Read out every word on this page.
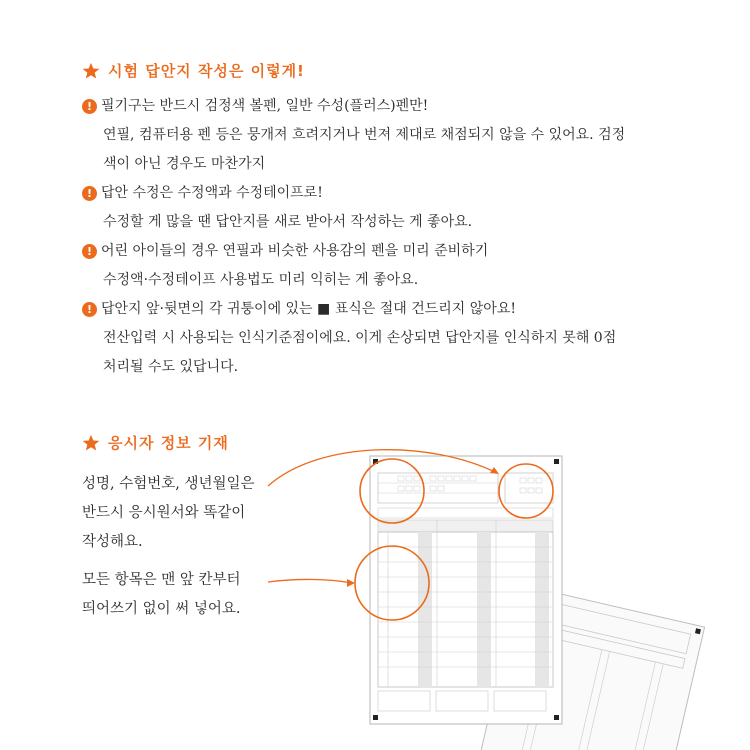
시험 답안지 작성은 이렇게!
! 필기구는 반드시 검정색 볼펜, 일반 수성(플러스)펜만!
연필, 컴퓨터용 펜 등은 뭉개져 흐려지거나 번져 제대로 채점되지 않을 수 있어요. 검정
색이 아닌 경우도 마찬가지
! 답안 수정은 수정액과 수정테이프로!
수정할 게 많을 땐 답안지를 새로 받아서 작성하는 게 좋아요.
! 어린 아이들의 경우 연필과 비슷한 사용감의 펜을 미리 준비하기
수정액·수정테이프 사용법도 미리 익히는 게 좋아요.
! 답안지 앞·뒷면의 각 귀퉁이에 있는 ■ 표식은 절대 건드리지 않아요!
전산입력 시 사용되는 인식기준점이에요. 이게 손상되면 답안지를 인식하지 못해 0점
처리될 수도 있답니다.
응시자 정보 기재
성명, 수험번호, 생년월일은
반드시 응시원서와 똑같이
작성해요.
모든 항목은 맨 앞 칸부터
띄어쓰기 없이 써 넣어요.
